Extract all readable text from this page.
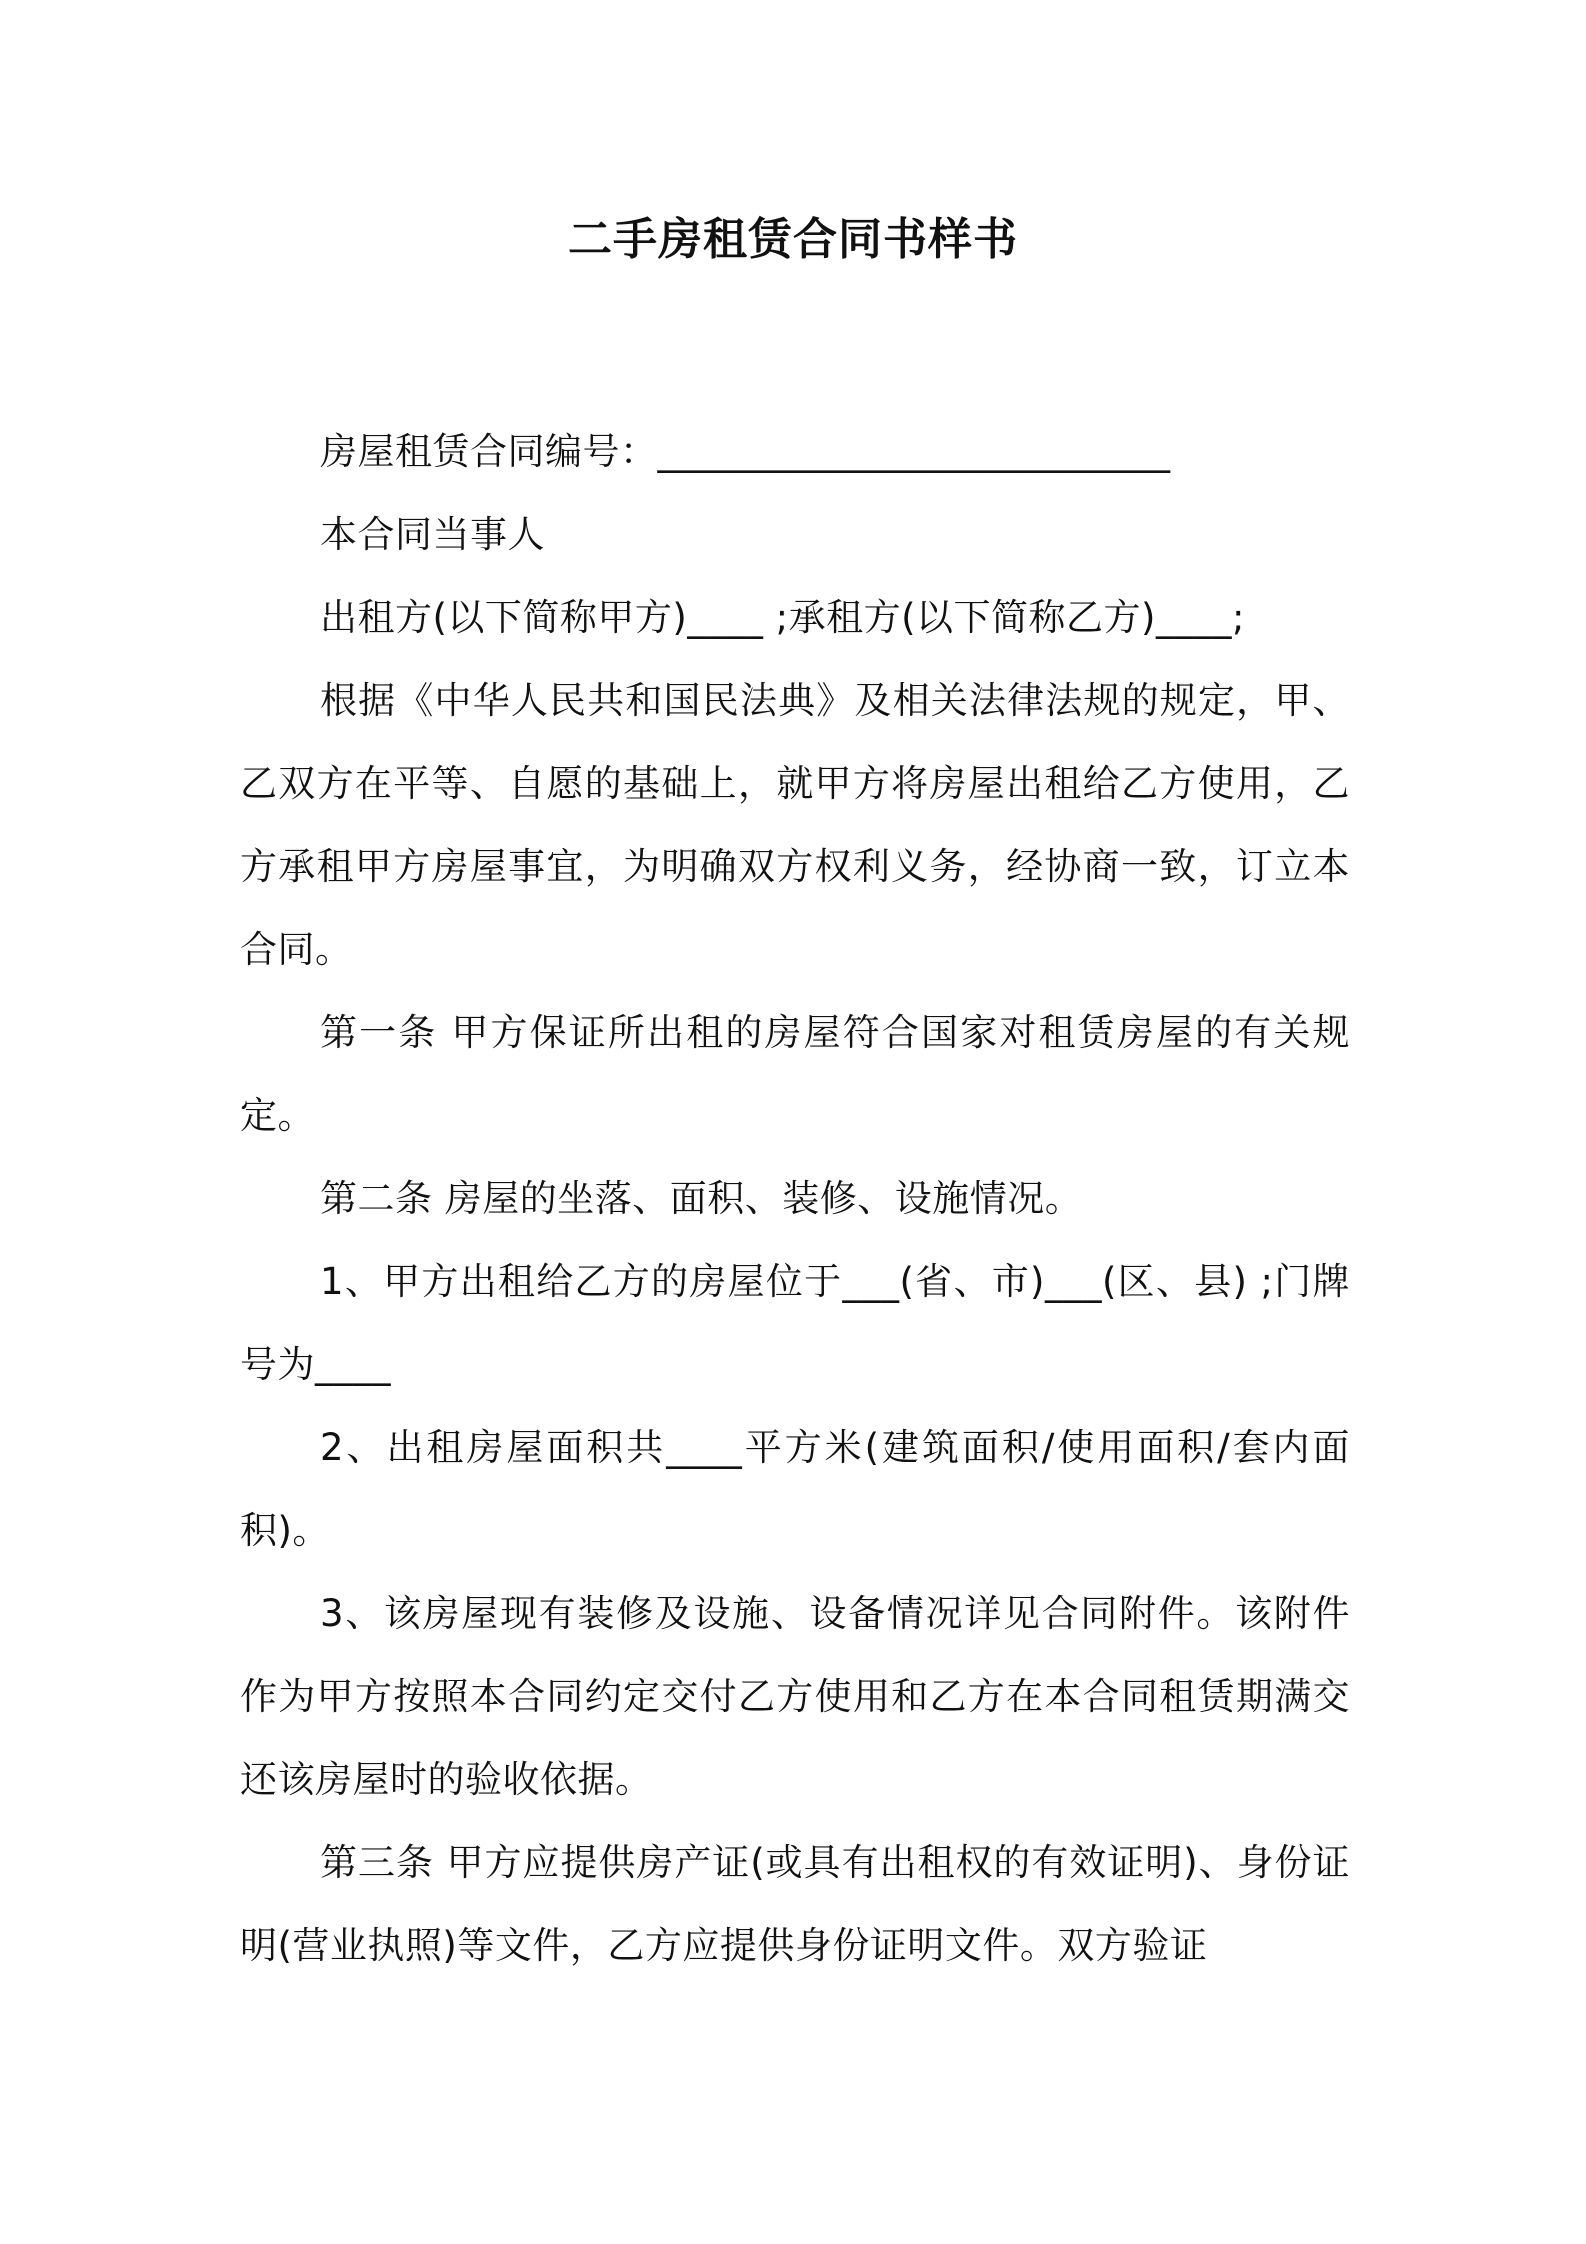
二手房租赁合同书样书

房屋租赁合同编号：___________________________

本合同当事人

出租方(以下简称甲方)____ ;承租方(以下简称乙方)____;

根据《中华人民共和国民法典》及相关法律法规的规定，甲、乙双方在平等、自愿的基础上，就甲方将房屋出租给乙方使用，乙方承租甲方房屋事宜，为明确双方权利义务，经协商一致，订立本合同。

第一条 甲方保证所出租的房屋符合国家对租赁房屋的有关规定。

第二条 房屋的坐落、面积、装修、设施情况。

1、甲方出租给乙方的房屋位于___(省、市)___(区、县) ;门牌号为____

2、出租房屋面积共____平方米(建筑面积/使用面积/套内面积)。

3、该房屋现有装修及设施、设备情况详见合同附件。该附件作为甲方按照本合同约定交付乙方使用和乙方在本合同租赁期满交还该房屋时的验收依据。

第三条 甲方应提供房产证(或具有出租权的有效证明)、身份证明(营业执照)等文件，乙方应提供身份证明文件。双方验证
